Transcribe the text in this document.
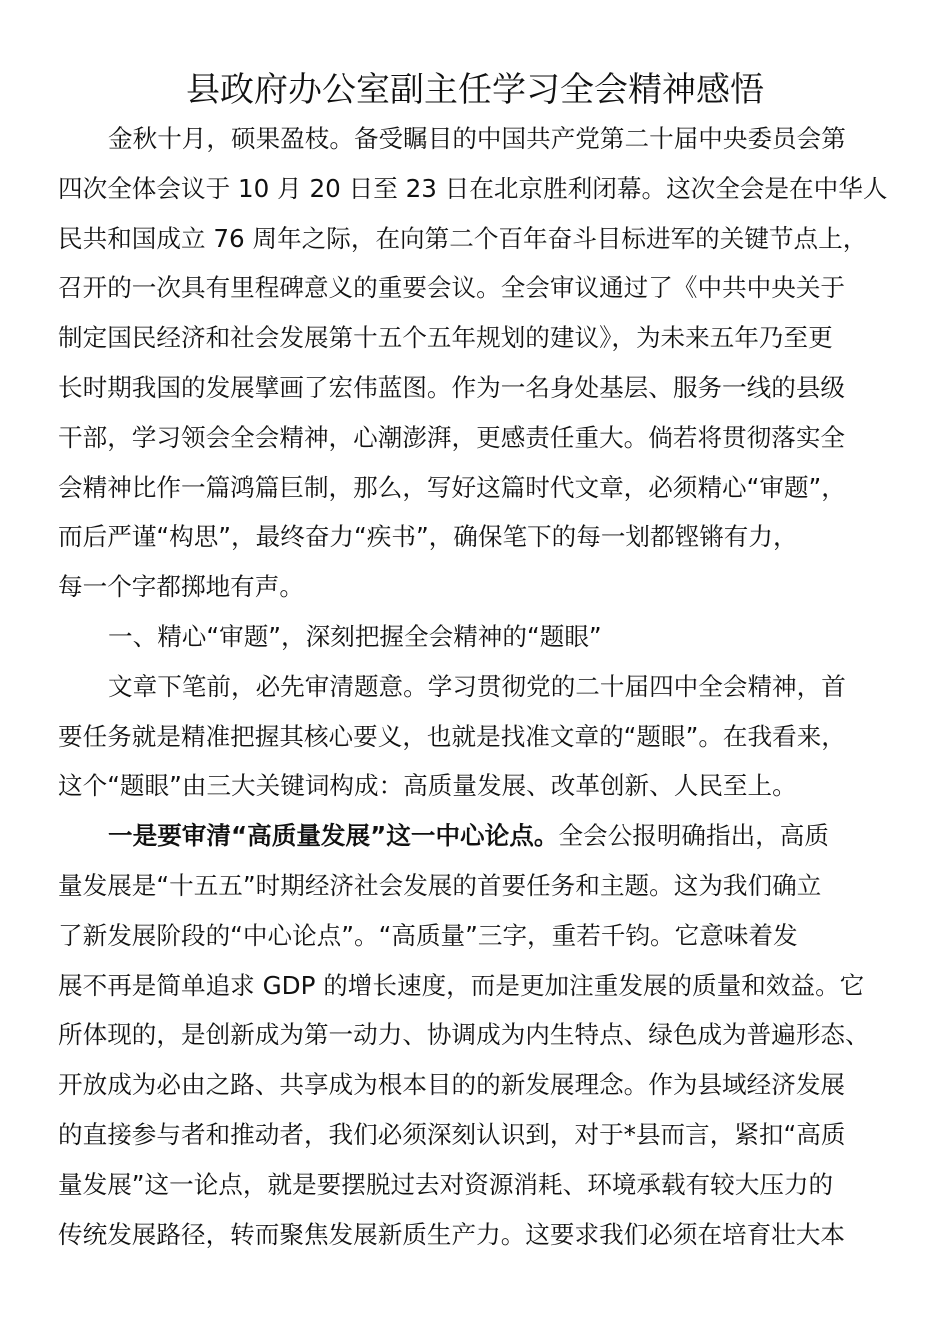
县政府办公室副主任学习全会精神感悟
金秋十月，硕果盈枝。备受瞩目的中国共产党第二十届中央委员会第
四次全体会议于 10 月 20 日至 23 日在北京胜利闭幕。这次全会是在中华人
民共和国成立 76 周年之际，在向第二个百年奋斗目标进军的关键节点上，
召开的一次具有里程碑意义的重要会议。全会审议通过了《中共中央关于
制定国民经济和社会发展第十五个五年规划的建议》，为未来五年乃至更
长时期我国的发展擘画了宏伟蓝图。作为一名身处基层、服务一线的县级
干部，学习领会全会精神，心潮澎湃，更感责任重大。倘若将贯彻落实全
会精神比作一篇鸿篇巨制，那么，写好这篇时代文章，必须精心“审题”，
而后严谨“构思”，最终奋力“疾书”，确保笔下的每一划都铿锵有力，
每一个字都掷地有声。
一、精心“审题”，深刻把握全会精神的“题眼”
文章下笔前，必先审清题意。学习贯彻党的二十届四中全会精神，首
要任务就是精准把握其核心要义，也就是找准文章的“题眼”。在我看来，
这个“题眼”由三大关键词构成：高质量发展、改革创新、人民至上。
一是要审清“高质量发展”这一中心论点。全会公报明确指出，高质
量发展是“十五五”时期经济社会发展的首要任务和主题。这为我们确立
了新发展阶段的“中心论点”。“高质量”三字，重若千钧。它意味着发
展不再是简单追求 GDP 的增长速度，而是更加注重发展的质量和效益。它
所体现的，是创新成为第一动力、协调成为内生特点、绿色成为普遍形态、
开放成为必由之路、共享成为根本目的的新发展理念。作为县域经济发展
的直接参与者和推动者，我们必须深刻认识到，对于*县而言，紧扣“高质
量发展”这一论点，就是要摆脱过去对资源消耗、环境承载有较大压力的
传统发展路径，转而聚焦发展新质生产力。这要求我们必须在培育壮大本
